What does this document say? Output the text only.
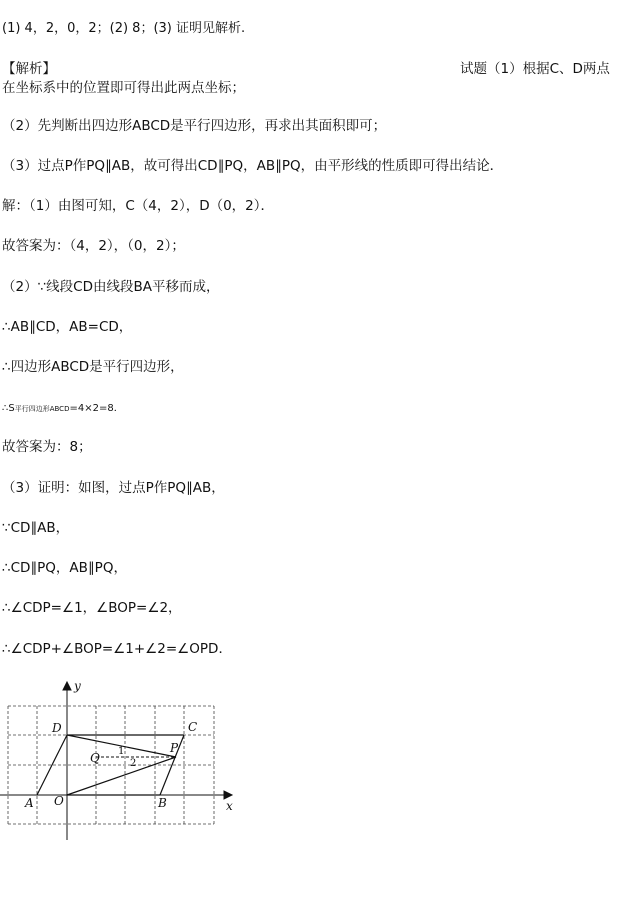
(1) 4，2，0，2；(2) 8；(3) 证明见解析.
【解析】	试题（1）根据C、D两点
在坐标系中的位置即可得出此两点坐标；
（2）先判断出四边形ABCD是平行四边形，再求出其面积即可；
（3）过点P作PQ∥AB，故可得出CD∥PQ，AB∥PQ，由平形线的性质即可得出结论．
解：（1）由图可知，C（4，2），D（0，2）．
故答案为：（4，2），（0，2）；
（2）∵线段CD由线段BA平移而成，
∴AB∥CD，AB=CD，
∴四边形ABCD是平行四边形，
∴S平行四边形ABCD=4×2=8．
故答案为：8；
（3）证明：如图，过点P作PQ∥AB，
∵CD∥AB，
∴CD∥PQ，AB∥PQ，
∴∠CDP=∠1，∠BOP=∠2，
∴∠CDP+∠BOP=∠1+∠2=∠OPD．
y
x
D	C
P
Q
A O	B
1
2
